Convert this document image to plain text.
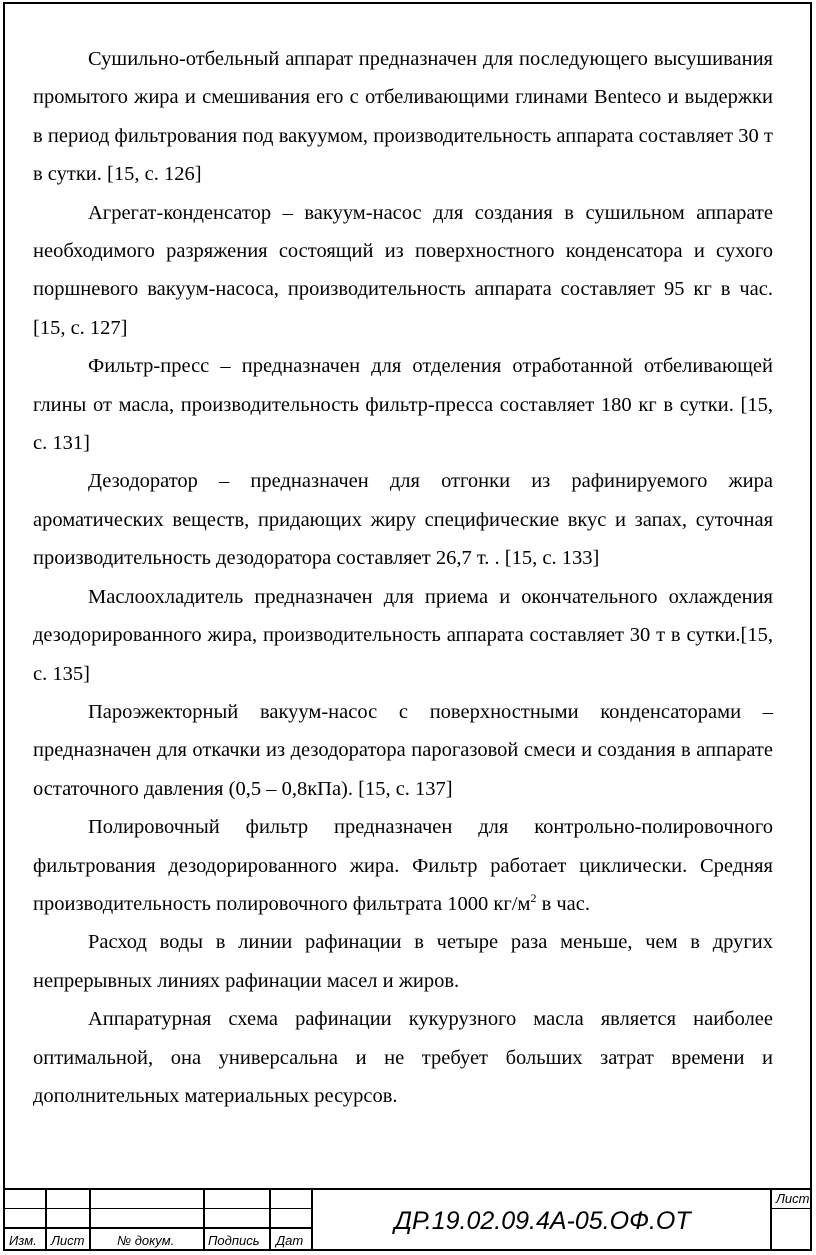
Сушильно-отбельный аппарат предназначен для последующего высушивания промытого жира и смешивания его с отбеливающими глинами Benteco и выдержки в период фильтрования под вакуумом, производительность аппарата составляет 30 т в сутки. [15, с. 126]

Агрегат-конденсатор – вакуум-насос для создания в сушильном аппарате необходимого разряжения состоящий из поверхностного конденсатора и сухого поршневого вакуум-насоса, производительность аппарата составляет 95 кг в час. [15, с. 127]

Фильтр-пресс – предназначен для отделения отработанной отбеливающей глины от масла, производительность фильтр-пресса составляет 180 кг в сутки. [15, с. 131]

Дезодоратор – предназначен для отгонки из рафинируемого жира ароматических веществ, придающих жиру специфические вкус и запах, суточная производительность дезодоратора составляет 26,7 т. . [15, с. 133]

Маслоохладитель предназначен для приема и окончательного охлаждения дезодорированного жира, производительность аппарата составляет 30 т в сутки.[15, с. 135]

Пароэжекторный вакуум-насос с поверхностными конденсаторами – предназначен для откачки из дезодоратора парогазовой смеси и создания в аппарате остаточного давления (0,5 – 0,8кПа). [15, с. 137]

Полировочный фильтр предназначен для контрольно-полировочного фильтрования дезодорированного жира. Фильтр работает циклически. Средняя производительность полировочного фильтрата 1000 $кг/м^2$ в час.

Расход воды в линии рафинации в четыре раза меньше, чем в других непрерывных линиях рафинации масел и жиров.

Аппаратурная схема рафинации кукурузного масла является наиболее оптимальной, она универсальна и не требует больших затрат времени и дополнительных материальных ресурсов.

Изм. Лист	№ докум.	Подпись Дат
ДР.19.02.09.4А-05.ОФ.ОТ
Лист
